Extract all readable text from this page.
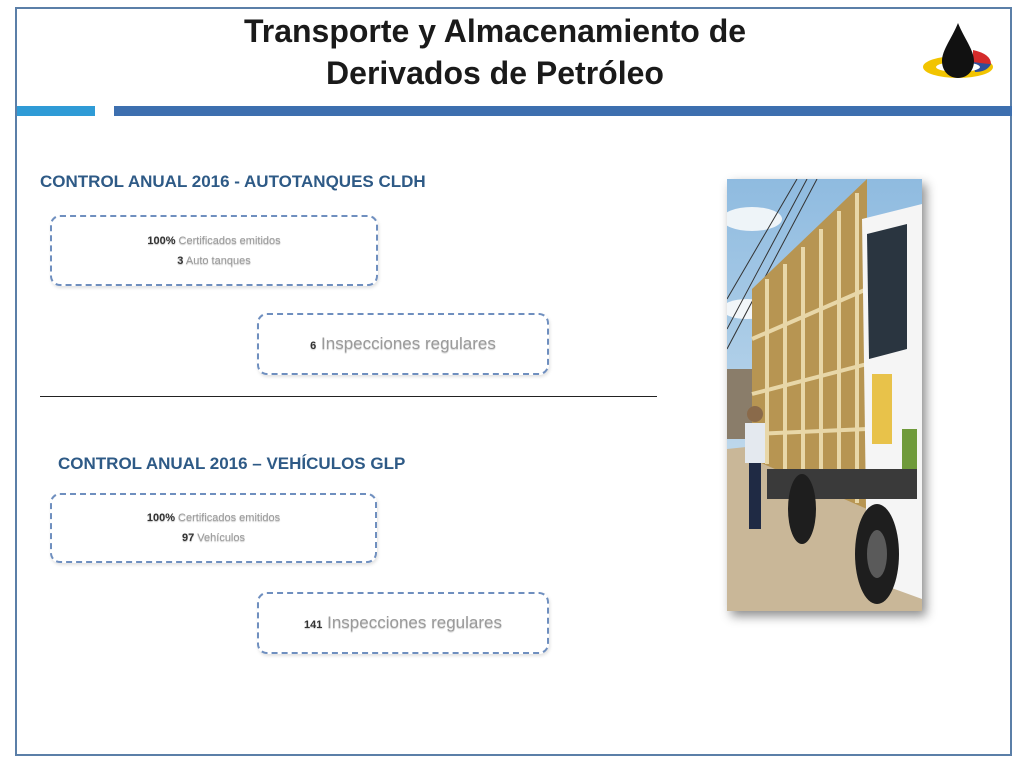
Transporte y Almacenamiento de
Derivados de Petróleo
CONTROL ANUAL 2016 - AUTOTANQUES CLDH
100% Certificados emitidos
3 Auto tanques
6 Inspecciones regulares
CONTROL ANUAL 2016 – VEHÍCULOS GLP
100% Certificados emitidos
97 Vehículos
141 Inspecciones regulares
